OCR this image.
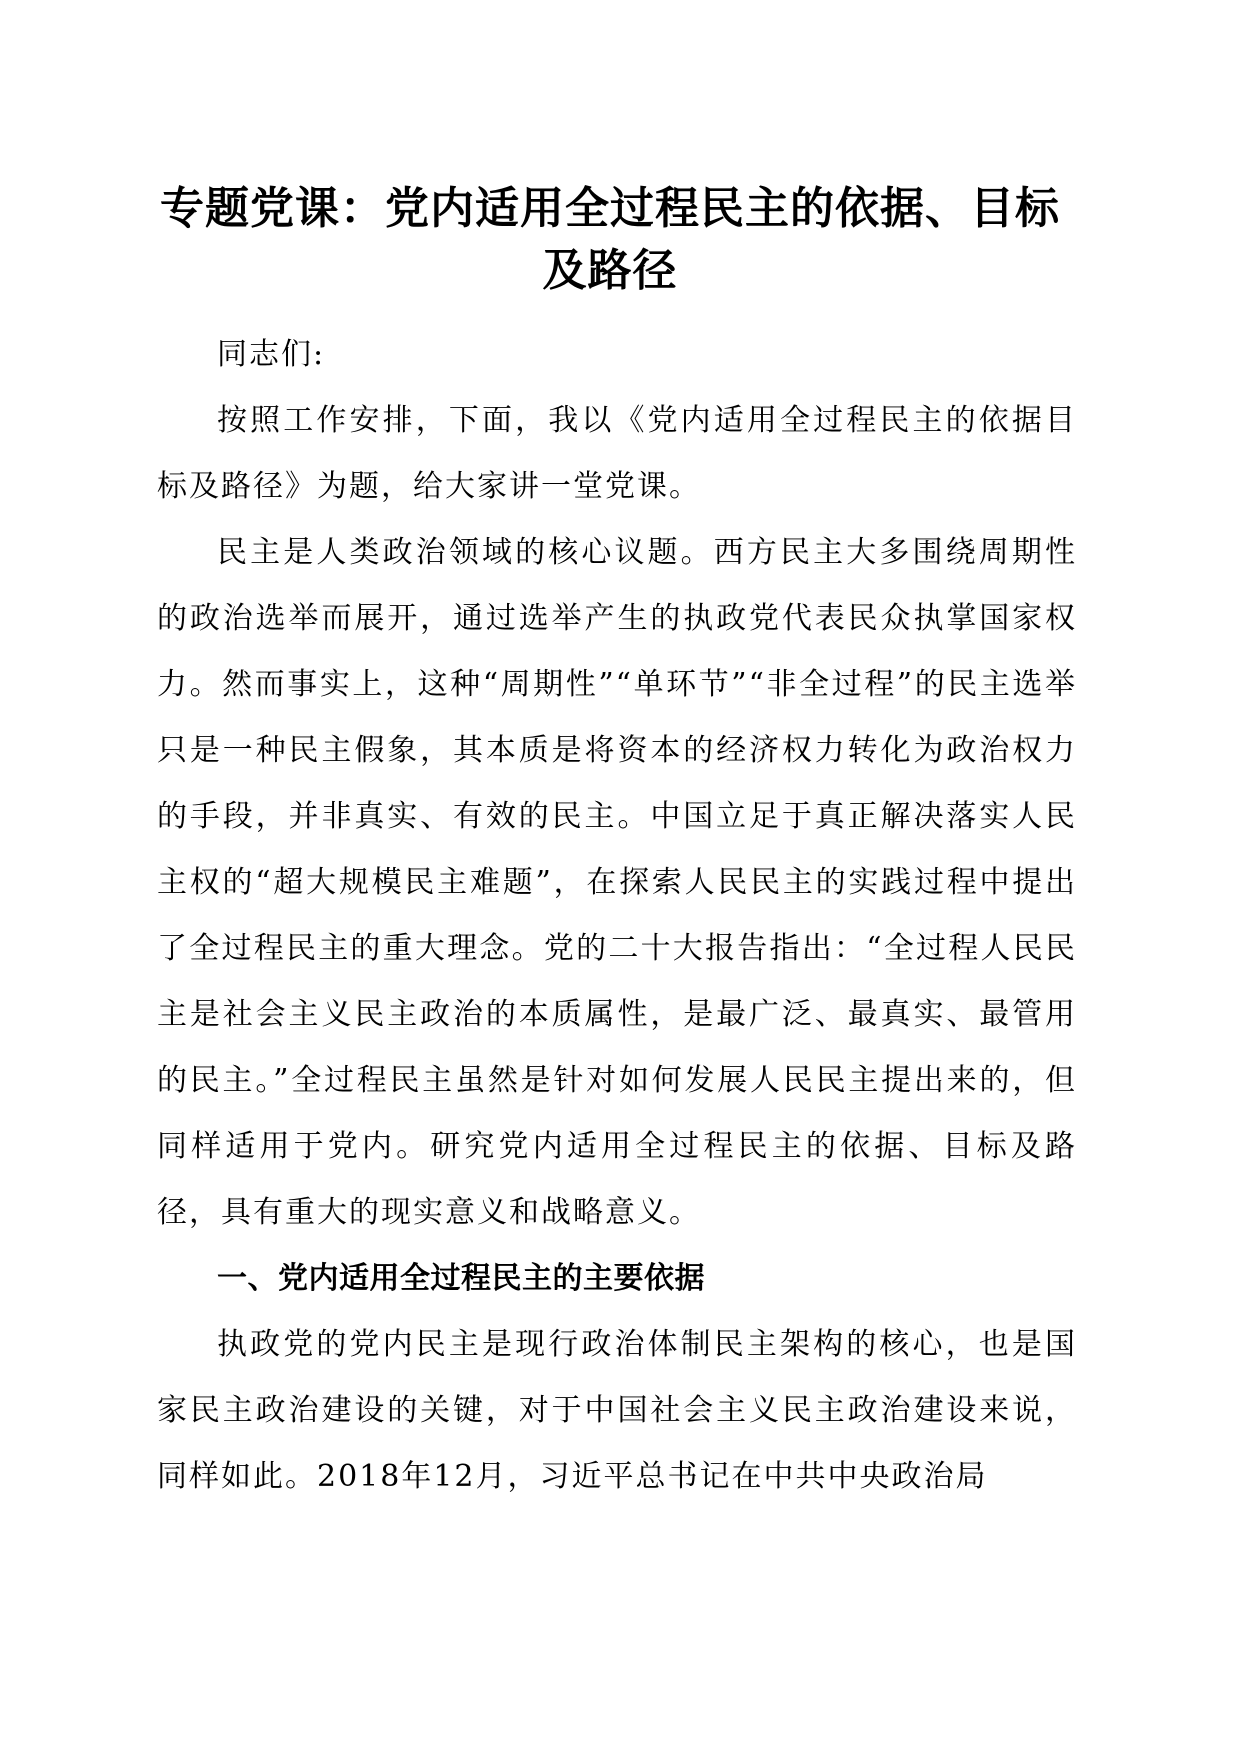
专题党课：党内适用全过程民主的依据、目标
及路径

同志们:

按照工作安排，下面，我以《党内适用全过程民主的依据目标及路径》为题，给大家讲一堂党课。

民主是人类政治领域的核心议题。西方民主大多围绕周期性的政治选举而展开，通过选举产生的执政党代表民众执掌国家权力。然而事实上，这种“周期性”“单环节”“非全过程”的民主选举只是一种民主假象，其本质是将资本的经济权力转化为政治权力的手段，并非真实、有效的民主。中国立足于真正解决落实人民主权的“超大规模民主难题”，在探索人民民主的实践过程中提出了全过程民主的重大理念。党的二十大报告指出：“全过程人民民主是社会主义民主政治的本质属性，是最广泛、最真实、最管用的民主。”全过程民主虽然是针对如何发展人民民主提出来的，但同样适用于党内。研究党内适用全过程民主的依据、目标及路径，具有重大的现实意义和战略意义。

一、党内适用全过程民主的主要依据

执政党的党内民主是现行政治体制民主架构的核心，也是国家民主政治建设的关键，对于中国社会主义民主政治建设来说，同样如此。2018年12月，习近平总书记在中共中央政治局
